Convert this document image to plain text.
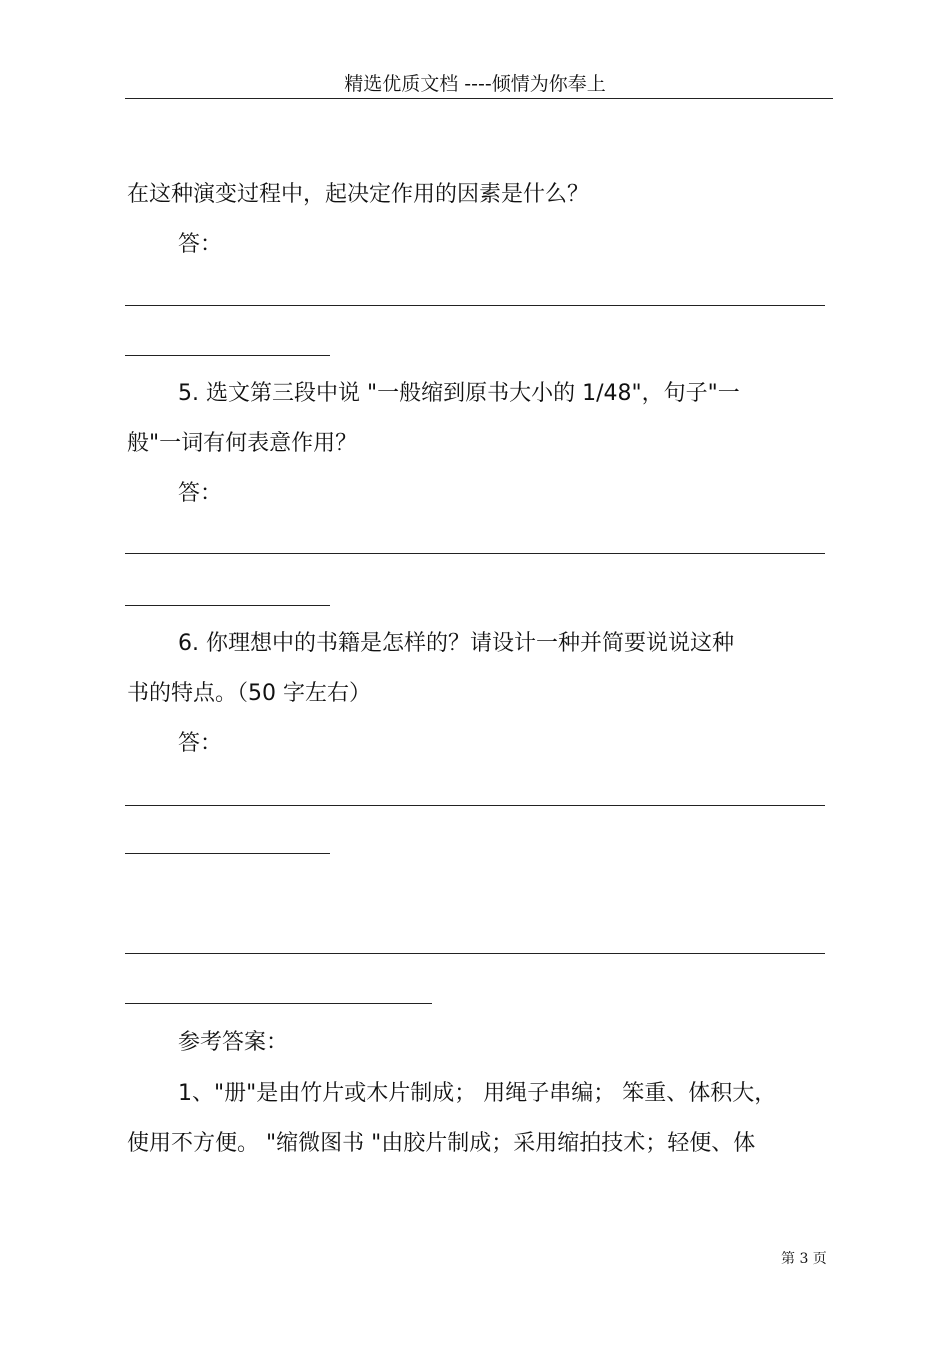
精选优质文档 ----倾情为你奉上
在这种演变过程中，起决定作用的因素是什么？
答：
5. 选文第三段中说 "一般缩到原书大小的 1/48"，句子"一
般"一词有何表意作用？
答：
6. 你理想中的书籍是怎样的？请设计一种并简要说说这种
书的特点。（50 字左右）
答：
参考答案：
1、"册"是由竹片或木片制成； 用绳子串编； 笨重、体积大，
使用不方便。 "缩微图书 "由胶片制成；采用缩拍技术；轻便、体
第 3 页
